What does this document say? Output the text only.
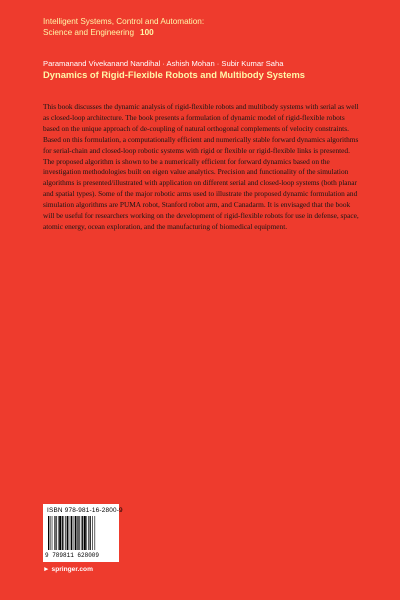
Intelligent Systems, Control and Automation:
Science and Engineering 100
Paramanand Vivekanand Nandihal · Ashish Mohan · Subir Kumar Saha
Dynamics of Rigid-Flexible Robots and Multibody Systems

This book discusses the dynamic analysis of rigid-flexible robots and multibody systems with serial as well as closed-loop architecture. The book presents a formulation of dynamic model of rigid-flexible robots based on the unique approach of de-coupling of natural orthogonal complements of velocity constraints. Based on this formulation, a computationally efficient and numerically stable forward dynamics algorithms for serial-chain and closed-loop robotic systems with rigid or flexible or rigid-flexible links is presented. The proposed algorithm is shown to be a numerically efficient for forward dynamics based on the investigation methodologies built on eigen value analytics. Precision and functionality of the simulation algorithms is presented/illustrated with application on different serial and closed-loop systems (both planar and spatial types). Some of the major robotic arms used to illustrate the proposed dynamic formulation and simulation algorithms are PUMA robot, Stanford robot arm, and Canadarm. It is envisaged that the book will be useful for researchers working on the development of rigid-flexible robots for use in defense, space, atomic energy, ocean exploration, and the manufacturing of biomedical equipment.

ISBN 978-981-16-2800-9
9 789811 628009
► springer.com
